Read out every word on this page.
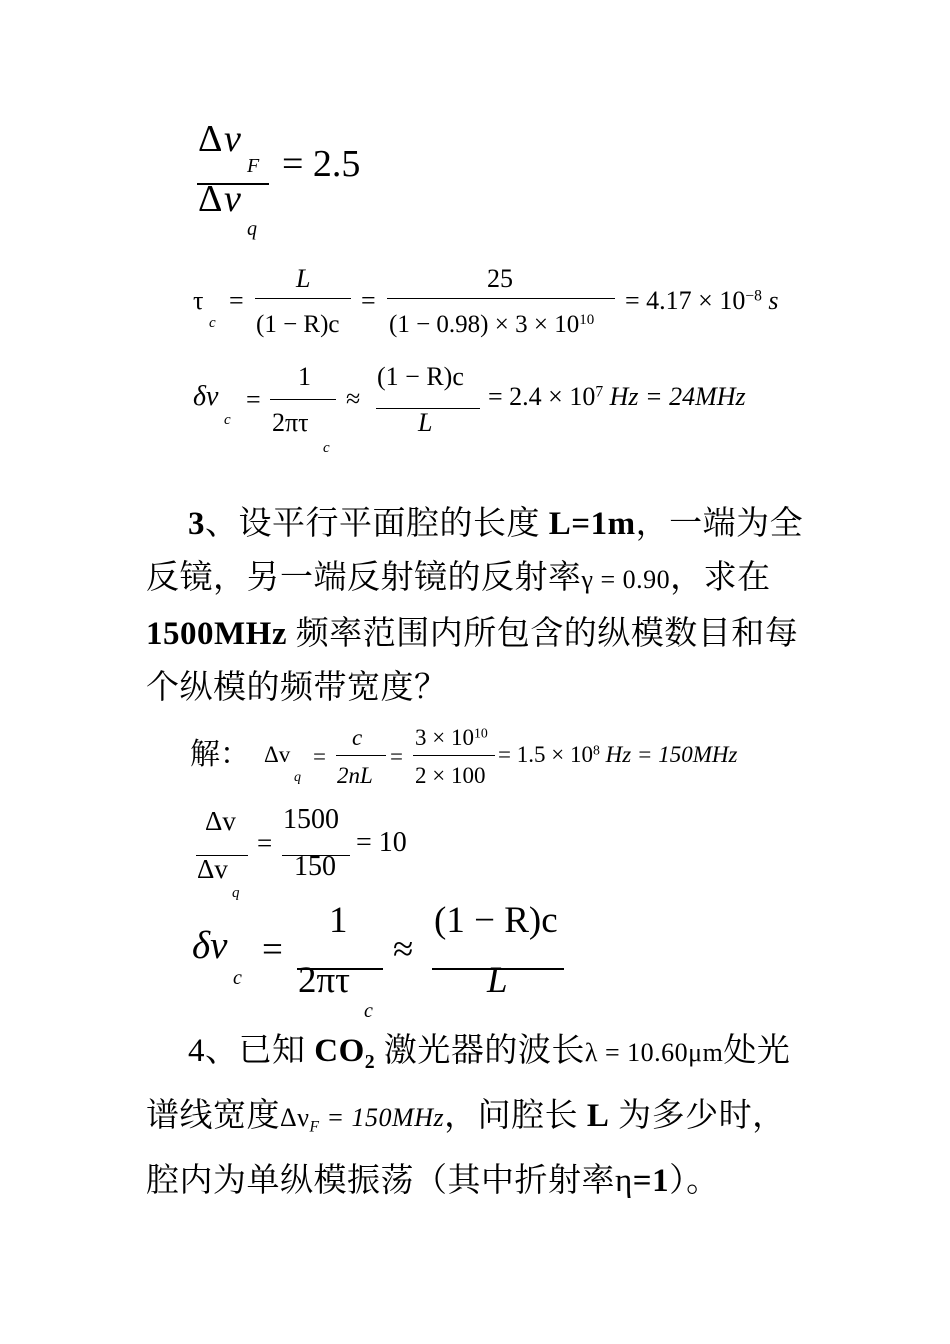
Δ v
F
Δ v
q
= 2.5
τ
c
=
L
(1 − R)c
=
25
$(1 - 0.98) \times 3 \times 10^{10}$
= $4.17 \times 10^{-8}$ s
δv
c
=
1
2πτ
c
≈
(1 − R)c
L
= $2.4 \times 10^7$ Hz = 24MHz
3、设平行平面腔的长度 L=1m，一端为全反镜，另一端反射镜的反射率γ = 0.90，求在 1500MHz 频率范围内所包含的纵模数目和每个纵模的频带宽度？
解： Δv
q
=
c
2nL
=
$3 \times 10^{10}$
2 × 100
= $1.5 \times 10^8$ Hz = 150MHz
Δv
Δv
q
=
1500
150
= 10
δv
c
=
1
2πτ
c
≈
(1 − R)c
L
4、已知 $CO_2$ 激光器的波长λ = 10.60μm处光谱线宽度$\Delta\nu_F = 150MHz$，问腔长 L 为多少时，腔内为单纵模振荡（其中折射率η=1）。
